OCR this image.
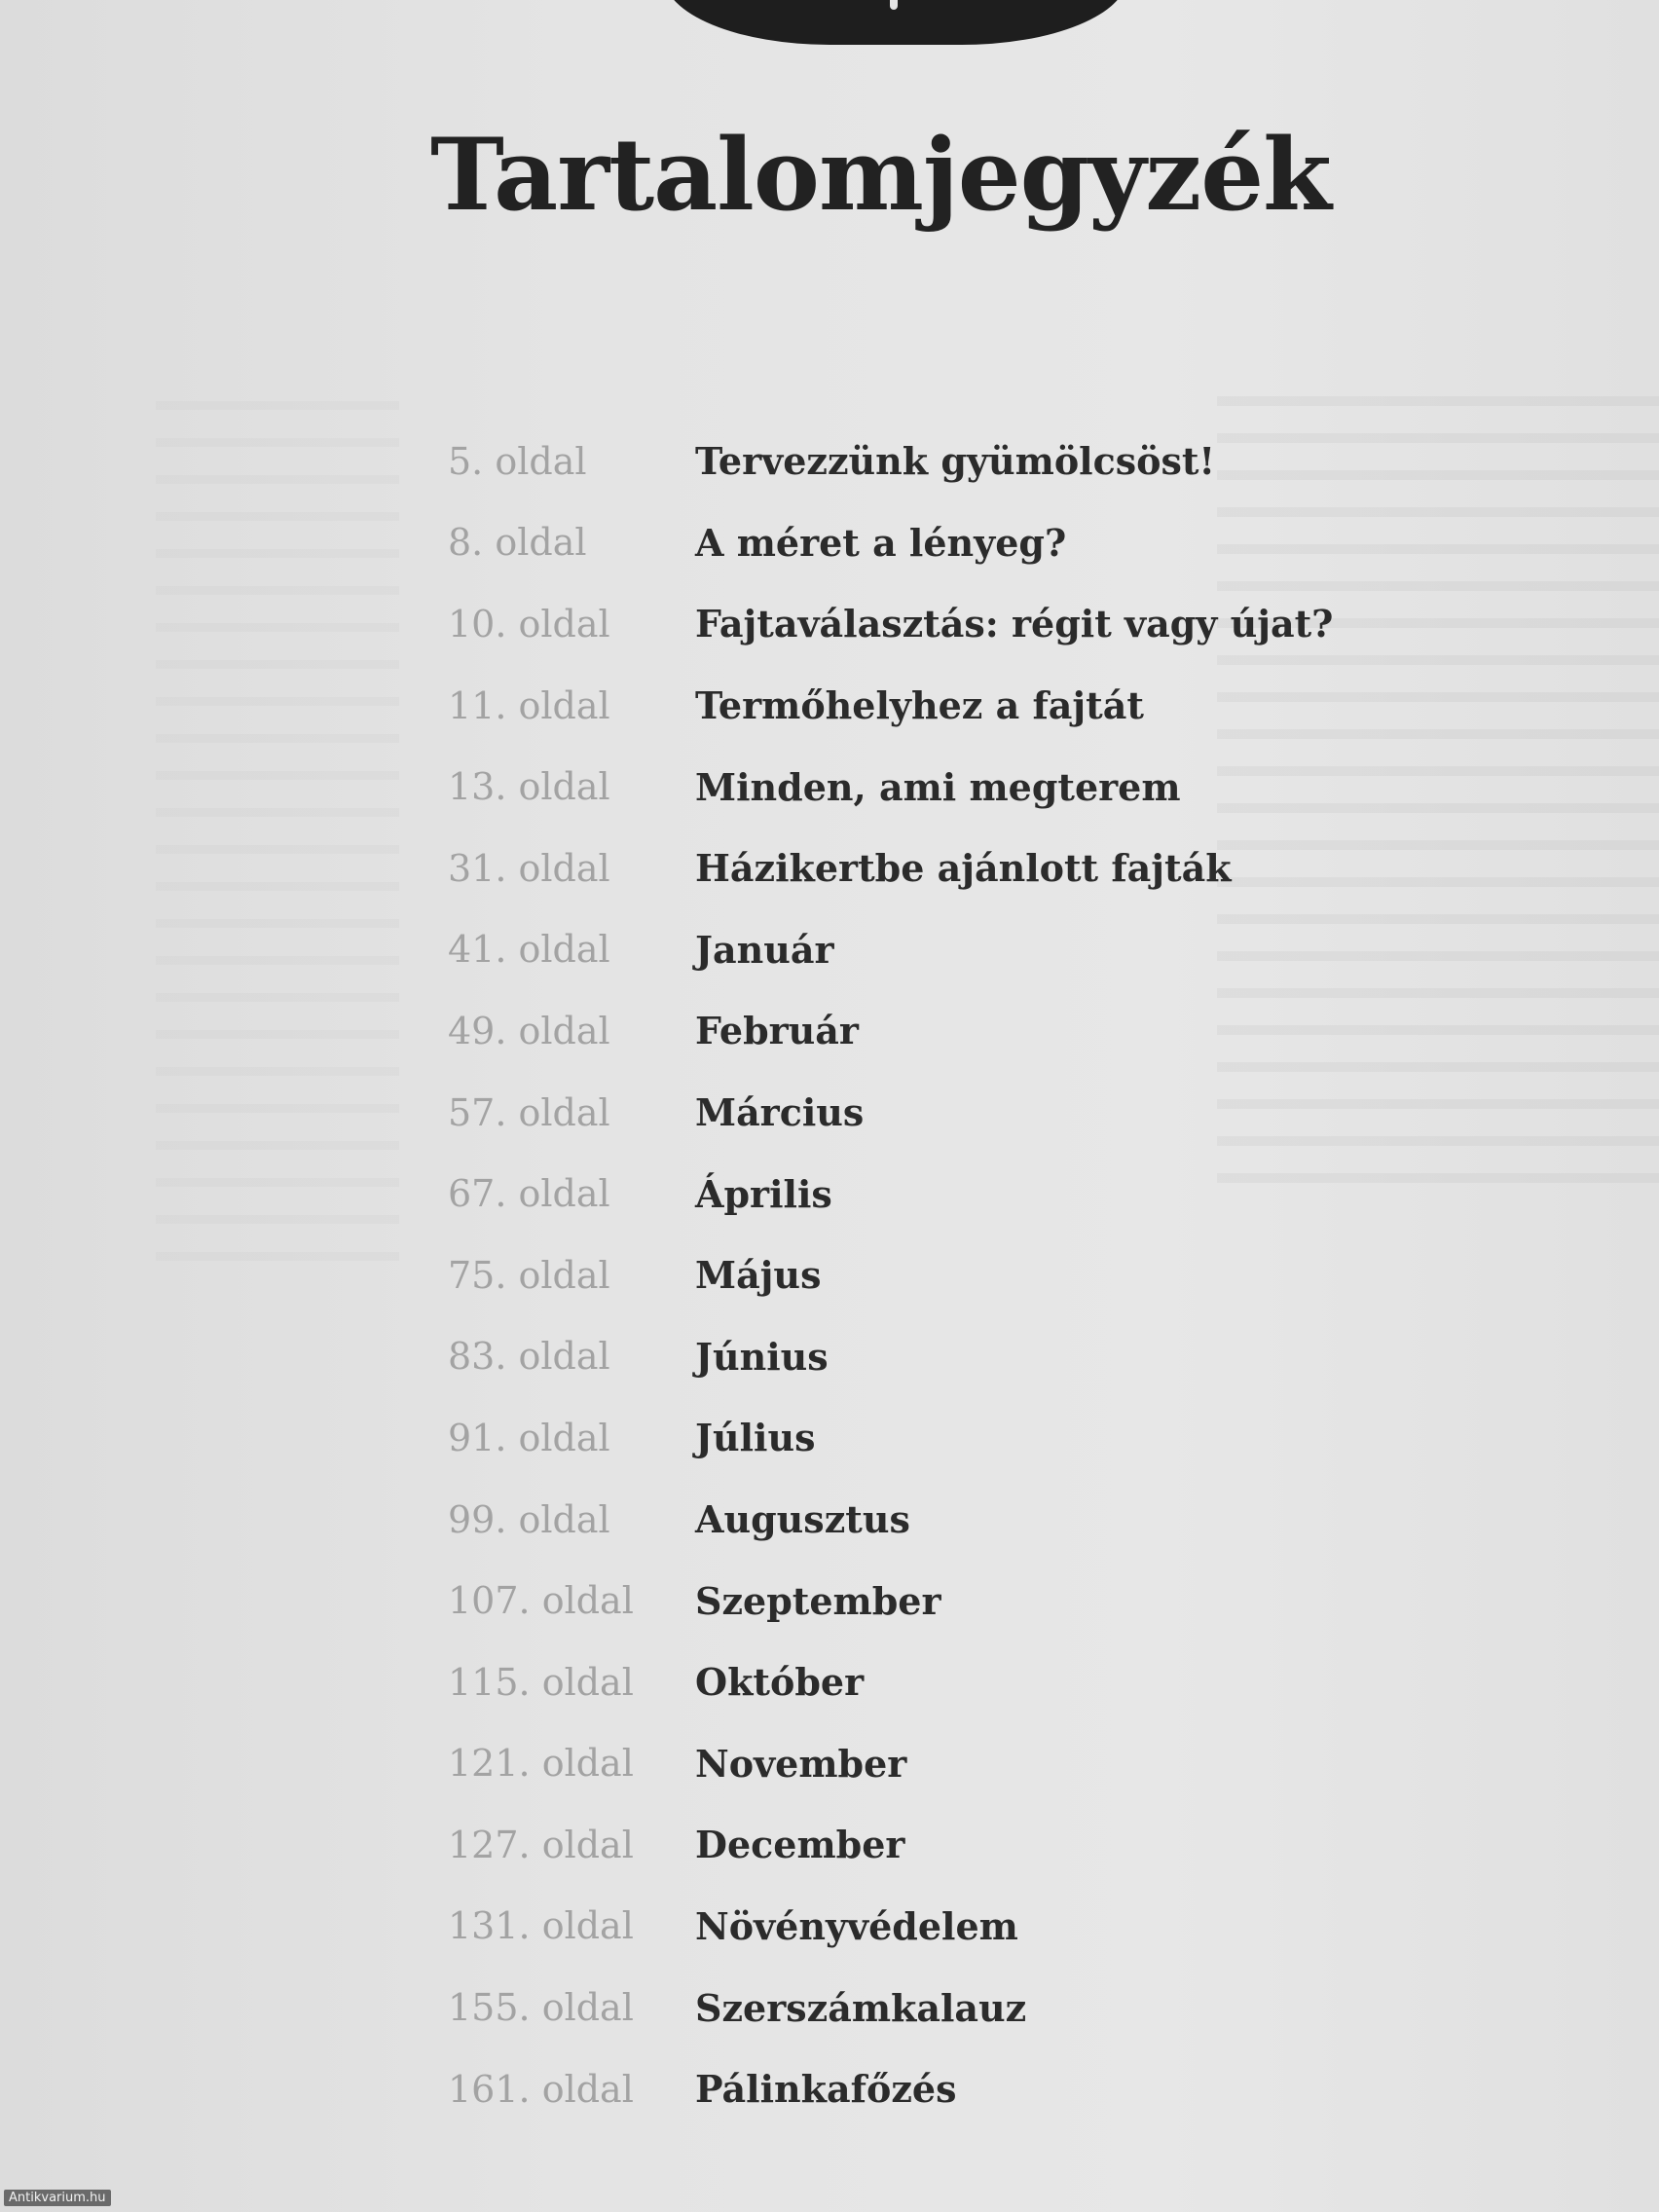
Tartalomjegyzék
5. oldal	Tervezzünk gyümölcsöst!
8. oldal	A méret a lényeg?
10. oldal	Fajtaválasztás: régit vagy újat?
11. oldal	Termőhelyhez a fajtát
13. oldal	Minden, ami megterem
31. oldal	Házikertbe ajánlott fajták
41. oldal	Január
49. oldal	Február
57. oldal	Március
67. oldal	Április
75. oldal	Május
83. oldal	Június
91. oldal	Július
99. oldal	Augusztus
107. oldal	Szeptember
115. oldal	Október
121. oldal	November
127. oldal	December
131. oldal	Növényvédelem
155. oldal	Szerszámkalauz
161. oldal	Pálinkafőzés
Antikvarium.hu
